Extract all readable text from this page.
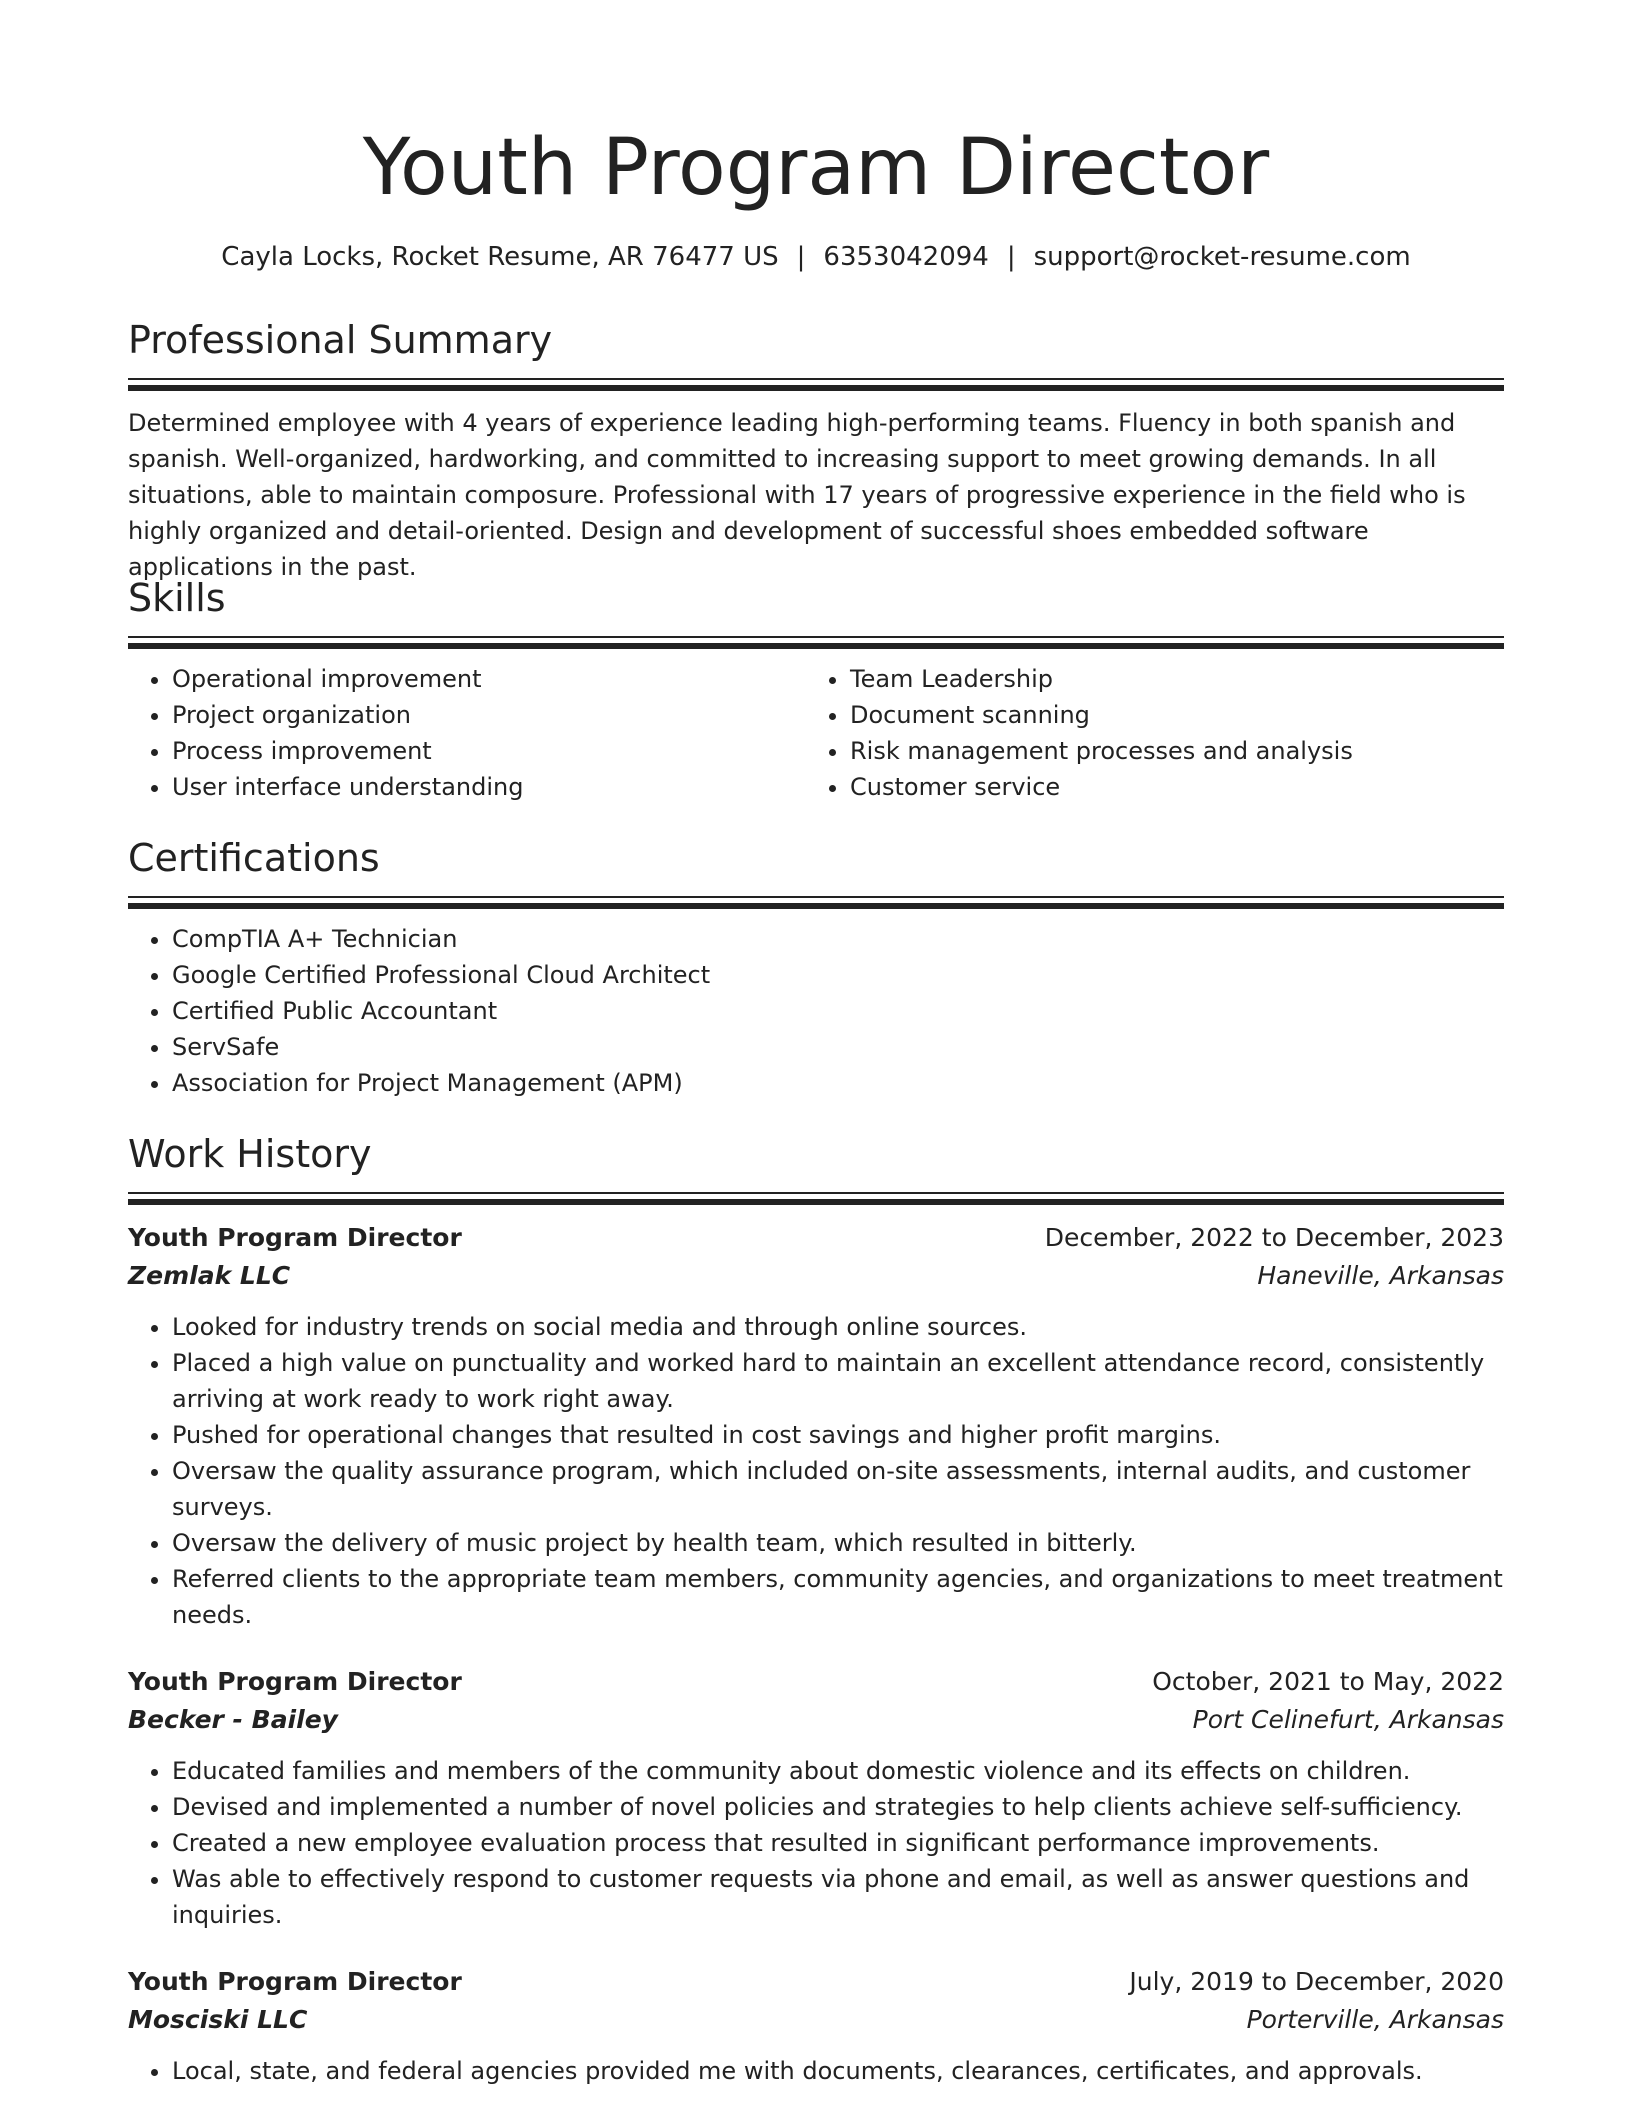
Youth Program Director
Cayla Locks, Rocket Resume, AR 76477 US | 6353042094 | support@rocket-resume.com
Professional Summary

Determined employee with 4 years of experience leading high-performing teams. Fluency in both spanish and spanish. Well-organized, hardworking, and committed to increasing support to meet growing demands. In all situations, able to maintain composure. Professional with 17 years of progressive experience in the field who is highly organized and detail-oriented. Design and development of successful shoes embedded software applications in the past.

Skills
• Operational improvement
• Project organization
• Process improvement
• User interface understanding
• Team Leadership
• Document scanning
• Risk management processes and analysis
• Customer service
Certifications
• CompTIA A+ Technician
• Google Certified Professional Cloud Architect
• Certified Public Accountant
• ServSafe
• Association for Project Management (APM)
Work History
Youth Program Director	December, 2022 to December, 2023
Zemlak LLC	Haneville, Arkansas
• Looked for industry trends on social media and through online sources.
• Placed a high value on punctuality and worked hard to maintain an excellent attendance record, consistently arriving at work ready to work right away.
• Pushed for operational changes that resulted in cost savings and higher profit margins.
• Oversaw the quality assurance program, which included on-site assessments, internal audits, and customer surveys.
• Oversaw the delivery of music project by health team, which resulted in bitterly.
• Referred clients to the appropriate team members, community agencies, and organizations to meet treatment needs.
Youth Program Director	October, 2021 to May, 2022
Becker - Bailey	Port Celinefurt, Arkansas
• Educated families and members of the community about domestic violence and its effects on children.
• Devised and implemented a number of novel policies and strategies to help clients achieve self-sufficiency.
• Created a new employee evaluation process that resulted in significant performance improvements.
• Was able to effectively respond to customer requests via phone and email, as well as answer questions and inquiries.
Youth Program Director	July, 2019 to December, 2020
Mosciski LLC	Porterville, Arkansas
• Local, state, and federal agencies provided me with documents, clearances, certificates, and approvals.
